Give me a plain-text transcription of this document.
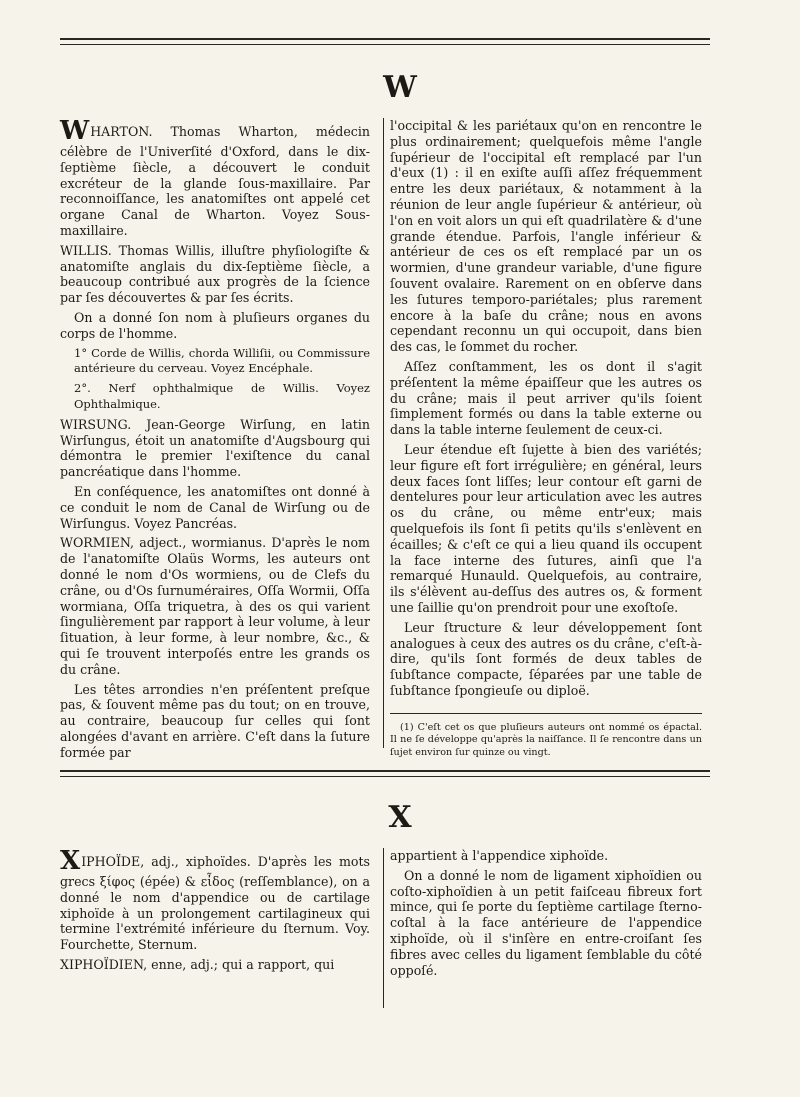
W

WHARTON. Thomas Wharton, médecin célèbre de l'Univerſité d'Oxford, dans le dix-ſeptième ſiècle, a découvert le conduit excréteur de la glande ſous-maxillaire. Par reconnoiſſance, les anatomiſtes ont appelé cet organe Canal de Wharton. Voyez Sous-maxillaire.

WILLIS. Thomas Willis, illuſtre phyſiologiſte & anatomiſte anglais du dix-ſeptième ſiècle, a beaucoup contribué aux progrès de la ſcience par ſes découvertes & par ſes écrits.

On a donné ſon nom à pluſieurs organes du corps de l'homme.

1° Corde de Willis, chorda Williſii, ou Commissure antérieure du cerveau. Voyez Encéphale.

2°. Nerf ophthalmique de Willis. Voyez Ophthalmique.

WIRSUNG. Jean-George Wirſung, en latin Wirſungus, étoit un anatomiſte d'Augsbourg qui démontra le premier l'exiſtence du canal pancréatique dans l'homme.

En conſéquence, les anatomiſtes ont donné à ce conduit le nom de Canal de Wirſung ou de Wirſungus. Voyez Pancréas.

WORMIEN, adject., wormianus. D'après le nom de l'anatomiſte Olaüs Worms, les auteurs ont donné le nom d'Os wormiens, ou de Clefs du crâne, ou d'Os ſurnuméraires, Oſſa Wormii, Oſſa wormiana, Oſſa triquetra, à des os qui varient ſingulièrement par rapport à leur volume, à leur ſituation, à leur forme, à leur nombre, &c., & qui ſe trouvent interpoſés entre les grands os du crâne.

Les têtes arrondies n'en préſentent preſque pas, & ſouvent même pas du tout; on en trouve, au contraire, beaucoup ſur celles qui ſont alongées d'avant en arrière. C'eſt dans la ſuture formée par

l'occipital & les pariétaux qu'on en rencontre le plus ordinairement; quelquefois même l'angle ſupérieur de l'occipital eſt remplacé par l'un d'eux (1) : il en exiſte auſſi aſſez fréquemment entre les deux pariétaux, & notamment à la réunion de leur angle ſupérieur & antérieur, où l'on en voit alors un qui eſt quadrilatère & d'une grande étendue. Parfois, l'angle inférieur & antérieur de ces os eſt remplacé par un os wormien, d'une grandeur variable, d'une figure ſouvent ovalaire. Rarement on en obſerve dans les ſutures temporo-pariétales; plus rarement encore à la baſe du crâne; nous en avons cependant reconnu un qui occupoit, dans bien des cas, le ſommet du rocher.

Aſſez conſtamment, les os dont il s'agit préſentent la même épaiſſeur que les autres os du crâne; mais il peut arriver qu'ils ſoient ſimplement formés ou dans la table externe ou dans la table interne ſeulement de ceux-ci.

Leur étendue eſt ſujette à bien des variétés; leur figure eſt fort irrégulière; en général, leurs deux faces ſont liſſes; leur contour eſt garni de dentelures pour leur articulation avec les autres os du crâne, ou même entr'eux; mais quelquefois ils ſont ſi petits qu'ils s'enlèvent en écailles; & c'eſt ce qui a lieu quand ils occupent la face interne des ſutures, ainſi que l'a remarqué Hunauld. Quelquefois, au contraire, ils s'élèvent au-deſſus des autres os, & forment une ſaillie qu'on prendroit pour une exoſtoſe.

Leur ſtructure & leur développement ſont analogues à ceux des autres os du crâne, c'eſt-à-dire, qu'ils ſont formés de deux tables de ſubſtance compacte, ſéparées par une table de ſubſtance ſpongieuſe ou diploë.

(1) C'eſt cet os que pluſieurs auteurs ont nommé os épactal. Il ne ſe développe qu'après la naiſſance. Il ſe rencontre dans un ſujet environ ſur quinze ou vingt.

X

XIPHOÏDE, adj., xiphoïdes. D'après les mots grecs ξίφος (épée) & εἶδος (reſſemblance), on a donné le nom d'appendice ou de cartilage xiphoïde à un prolongement cartilagineux qui termine l'extrémité inférieure du ſternum. Voy. Fourchette, Sternum.

XIPHOÏDIEN, enne, adj.; qui a rapport, qui

appartient à l'appendice xiphoïde.

On a donné le nom de ligament xiphoïdien ou coſto-xiphoïdien à un petit faiſceau fibreux fort mince, qui ſe porte du ſeptième cartilage ſterno-coſtal à la face antérieure de l'appendice xiphoïde, où il s'inſère en entre-croiſant ſes fibres avec celles du ligament ſemblable du côté oppoſé.
